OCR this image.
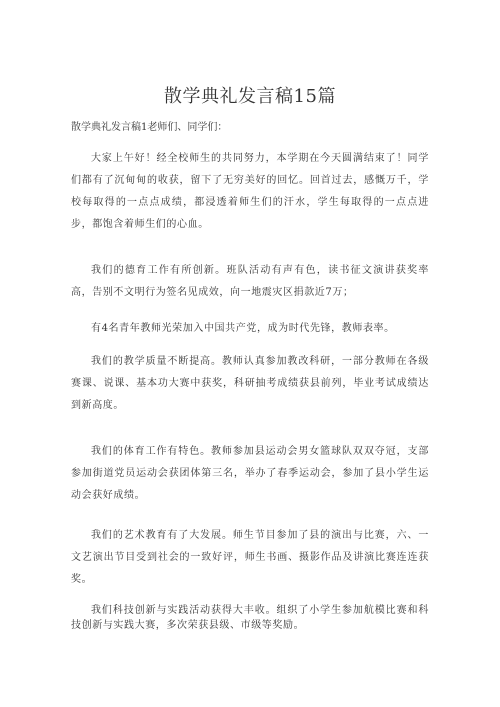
散学典礼发言稿15篇
散学典礼发言稿1老师们、同学们：

大家上午好！经全校师生的共同努力，本学期在今天圆满结束了！同学们都有了沉甸甸的收获，留下了无穷美好的回忆。回首过去，感慨万千，学校每取得的一点点成绩，都浸透着师生们的汗水，学生每取得的一点点进步，都饱含着师生们的心血。

我们的德育工作有所创新。班队活动有声有色，读书征文演讲获奖率高，告别不文明行为签名见成效，向一地震灾区捐款近7万；

有4名青年教师光荣加入中国共产党，成为时代先锋，教师表率。

我们的教学质量不断提高。教师认真参加教改科研，一部分教师在各级赛课、说课、基本功大赛中获奖，科研抽考成绩获县前列，毕业考试成绩达到新高度。

我们的体育工作有特色。教师参加县运动会男女篮球队双双夺冠，支部参加街道党员运动会获团体第三名，举办了春季运动会，参加了县小学生运动会获好成绩。

我们的艺术教育有了大发展。师生节目参加了县的演出与比赛，六、一文艺演出节目受到社会的一致好评，师生书画、摄影作品及讲演比赛连连获奖。

我们科技创新与实践活动获得大丰收。组织了小学生参加航模比赛和科技创新与实践大赛，多次荣获县级、市级等奖励。
